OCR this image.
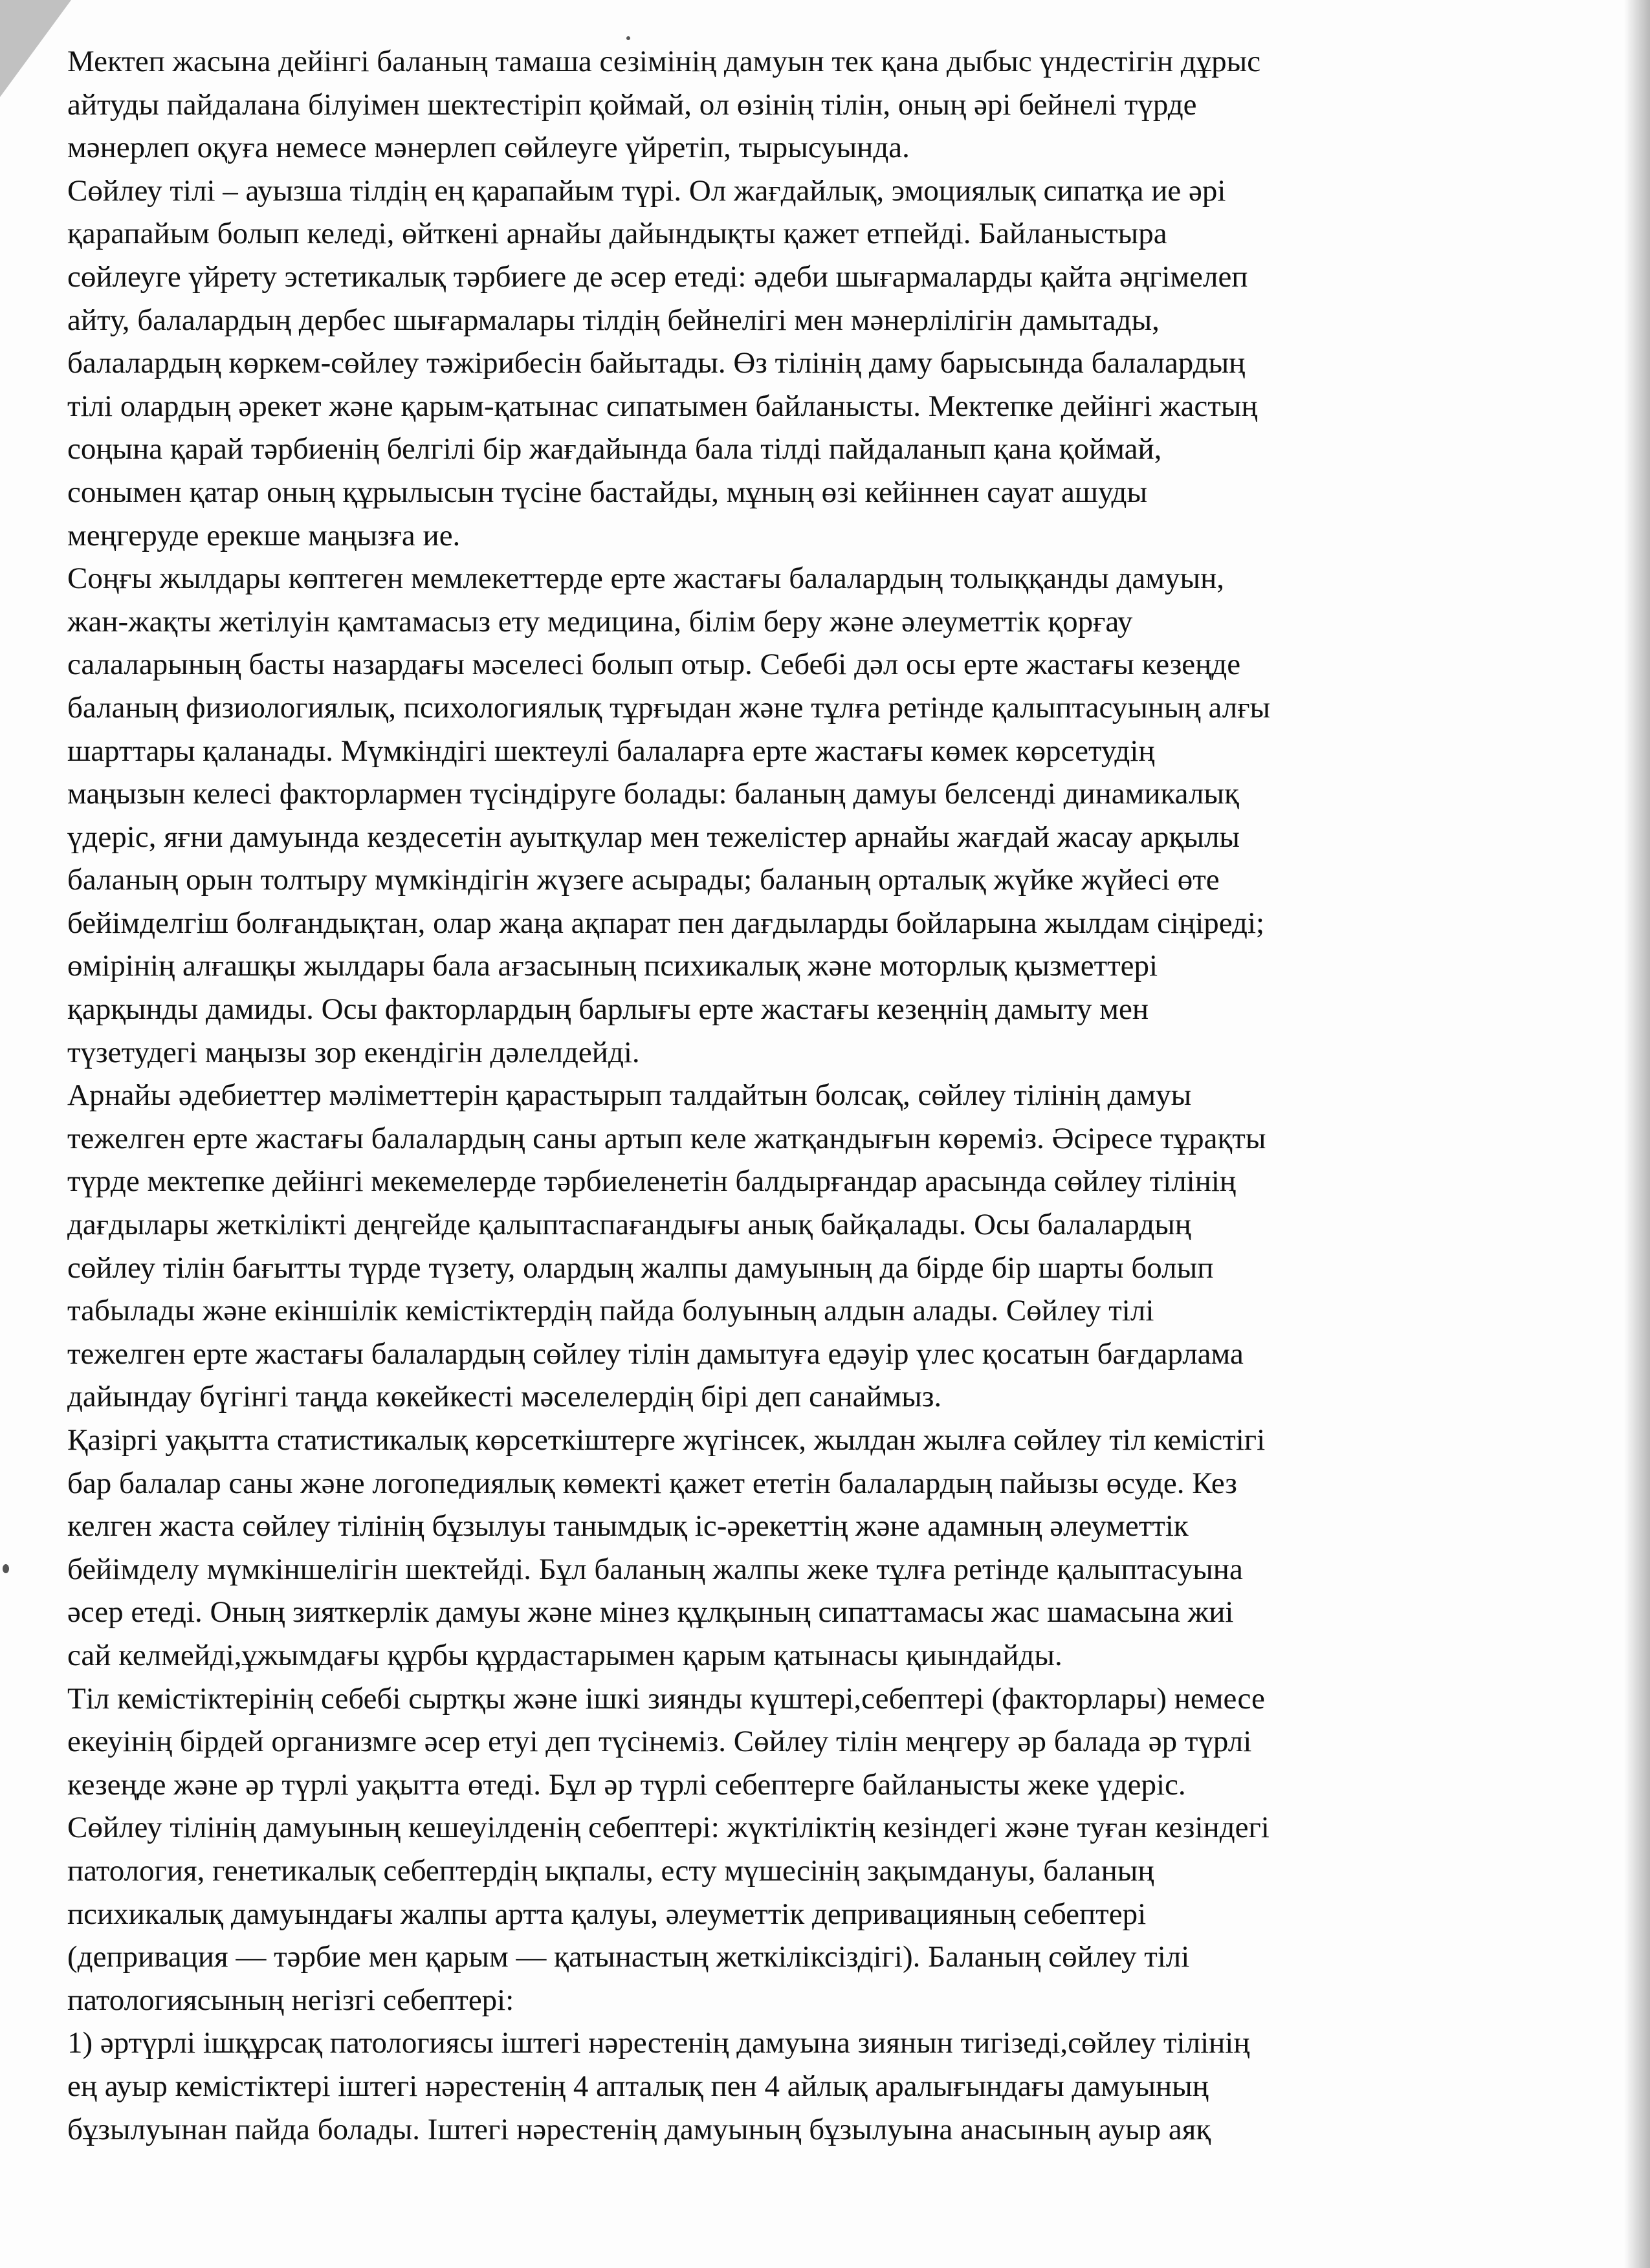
Мектеп жасына дейінгі баланың тамаша сезімінің дамуын тек қана дыбыс үндестігін дұрыс
айтуды пайдалана білуімен шектестіріп қоймай, ол өзінің тілін, оның әрі бейнелі түрде
мәнерлеп оқуға немесе мәнерлеп сөйлеуге үйретіп, тырысуында.
Сөйлеу тілі – ауызша тілдің ең қарапайым түрі. Ол жағдайлық, эмоциялық сипатқа ие әрі
қарапайым болып келеді, өйткені арнайы дайындықты қажет етпейді. Байланыстыра
сөйлеуге үйрету эстетикалық тәрбиеге де әсер етеді: әдеби шығармаларды қайта әңгімелеп
айту, балалардың дербес шығармалары тілдің бейнелігі мен мәнерлілігін дамытады,
балалардың көркем-сөйлеу тәжірибесін байытады. Өз тілінің даму барысында балалардың
тілі олардың әрекет және қарым-қатынас сипатымен байланысты. Мектепке дейінгі жастың
соңына қарай тәрбиенің белгілі бір жағдайында бала тілді пайдаланып қана қоймай,
сонымен қатар оның құрылысын түсіне бастайды, мұның өзі кейіннен сауат ашуды
меңгеруде ерекше маңызға ие.
Соңғы жылдары көптеген мемлекеттерде ерте жастағы балалардың толыққанды дамуын,
жан-жақты жетілуін қамтамасыз ету медицина, білім беру және әлеуметтік қорғау
салаларының басты назардағы мәселесі болып отыр. Себебі дәл осы ерте жастағы кезеңде
баланың физиологиялық, психологиялық тұрғыдан және тұлға ретінде қалыптасуының алғы
шарттары қаланады. Мүмкіндігі шектеулі балаларға ерте жастағы көмек көрсетудің
маңызын келесі факторлармен түсіндіруге болады: баланың дамуы белсенді динамикалық
үдеріс, яғни дамуында кездесетін ауытқулар мен тежелістер арнайы жағдай жасау арқылы
баланың орын толтыру мүмкіндігін жүзеге асырады; баланың орталық жүйке жүйесі өте
бейімделгіш болғандықтан, олар жаңа ақпарат пен дағдыларды бойларына жылдам сіңіреді;
өмірінің алғашқы жылдары бала ағзасының психикалық және моторлық қызметтері
қарқынды дамиды. Осы факторлардың барлығы ерте жастағы кезеңнің дамыту мен
түзетудегі маңызы зор екендігін дәлелдейді.
Арнайы әдебиеттер мәліметтерін қарастырып талдайтын болсақ, сөйлеу тілінің дамуы
тежелген ерте жастағы балалардың саны артып келе жатқандығын көреміз. Әсіресе тұрақты
түрде мектепке дейінгі мекемелерде тәрбиеленетін балдырғандар арасында сөйлеу тілінің
дағдылары жеткілікті деңгейде қалыптаспағандығы анық байқалады. Осы балалардың
сөйлеу тілін бағытты түрде түзету, олардың жалпы дамуының да бірде бір шарты болып
табылады және екіншілік кемістіктердің пайда болуының алдын алады. Сөйлеу тілі
тежелген ерте жастағы балалардың сөйлеу тілін дамытуға едәуір үлес қосатын бағдарлама
дайындау бүгінгі таңда көкейкесті мәселелердің бірі деп санаймыз.
Қазіргі уақытта статистикалық көрсеткіштерге жүгінсек, жылдан жылға сөйлеу тіл кемістігі
бар балалар саны және логопедиялық көмекті қажет ететін балалардың пайызы өсуде. Кез
келген жаста сөйлеу тілінің бұзылуы танымдық іс-әрекеттің және адамның әлеуметтік
бейімделу мүмкіншелігін шектейді. Бұл баланың жалпы жеке тұлға ретінде қалыптасуына
әсер етеді. Оның зияткерлік дамуы және мінез құлқының сипаттамасы жас шамасына жиі
сай келмейді,ұжымдағы құрбы құрдастарымен қарым қатынасы қиындайды.
Тіл кемістіктерінің себебі сыртқы және ішкі зиянды күштері,себептері (факторлары) немесе
екеуінің бірдей организмге әсер етуі деп түсінеміз. Сөйлеу тілін меңгеру әр балада әр түрлі
кезеңде және әр түрлі уақытта өтеді. Бұл әр түрлі себептерге байланысты жеке үдеріс.
Сөйлеу тілінің дамуының кешеуілденің себептері: жүктіліктің кезіндегі және туған кезіндегі
патология, генетикалық себептердің ықпалы, есту мүшесінің зақымдануы, баланың
психикалық дамуындағы жалпы артта қалуы, әлеуметтік депривацияның себептері
(депривация — тәрбие мен қарым — қатынастың жеткіліксіздігі). Баланың сөйлеу тілі
патологиясының негізгі себептері:
1) әртүрлі ішқұрсақ патологиясы іштегі нәрестенің дамуына зиянын тигізеді,сөйлеу тілінің
ең ауыр кемістіктері іштегі нәрестенің 4 апталық пен 4 айлық аралығындағы дамуының
бұзылуынан пайда болады. Іштегі нәрестенің дамуының бұзылуына анасының ауыр аяқ
